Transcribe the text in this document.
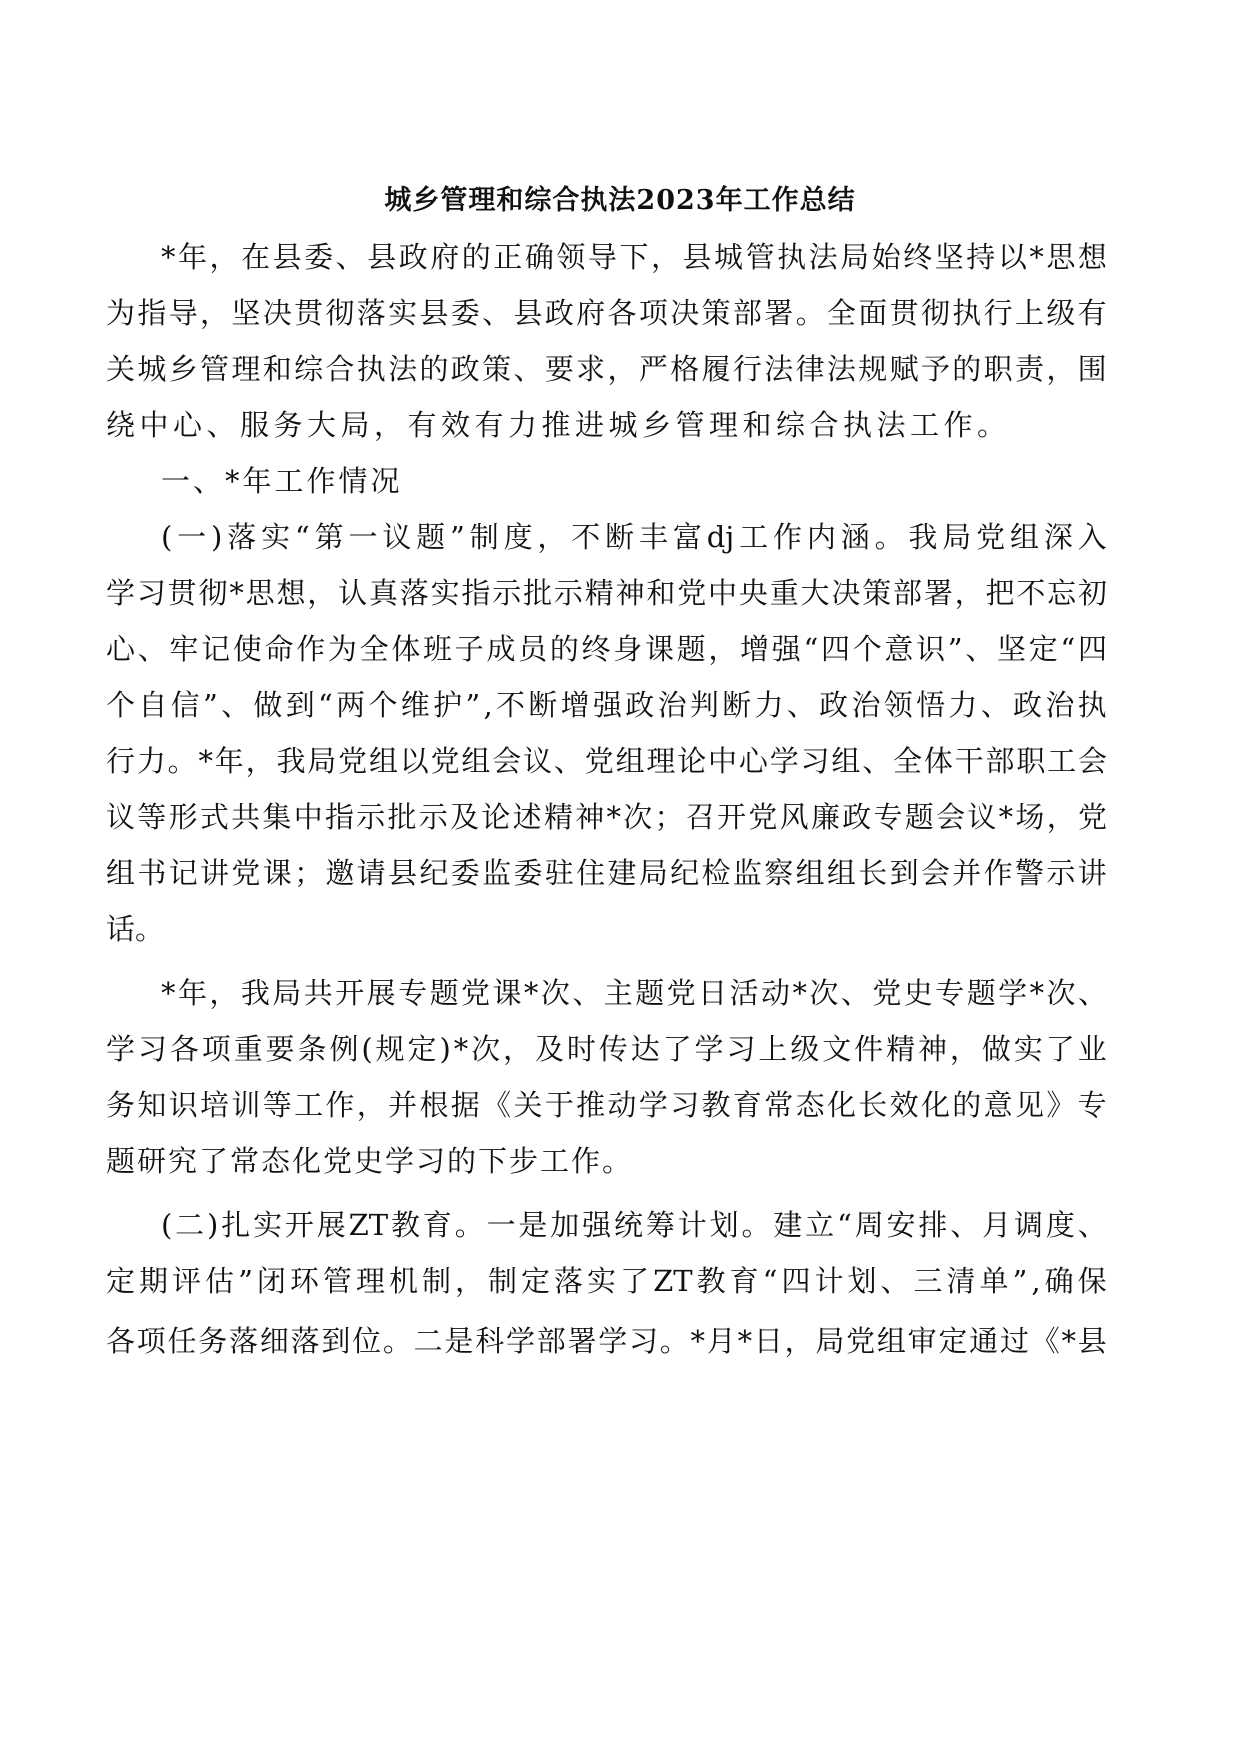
城乡管理和综合执法2023年工作总结
* 年 ， 在 县 委 、 县 政 府 的 正 确 领 导 下 ， 县 城 管 执 法 局 始 终 坚 持 以 * 思 想
为 指 导 ， 坚 决 贯 彻 落 实 县 委 、 县 政 府 各 项 决 策 部 署 。 全 面 贯 彻 执 行 上 级 有
关 城 乡 管 理 和 综 合 执 法 的 政 策 、 要 求 ， 严 格 履 行 法 律 法 规 赋 予 的 职 责 ， 围
绕中心、服务大局，有效有力推进城乡管理和综合执法工作。
一、*年工作情况
( 一 ) 落 实 “ 第 一 议 题 ” 制 度 ， 不 断 丰 富 dj 工 作 内 涵 。 我 局 党 组 深 入
学 习 贯 彻 * 思 想 ， 认 真 落 实 指 示 批 示 精 神 和 党 中 央 重 大 决 策 部 署 ， 把 不 忘 初
心 、 牢 记 使 命 作 为 全 体 班 子 成 员 的 终 身 课 题 ， 增 强 “ 四 个 意 识 ” 、 坚 定 “ 四
个 自 信 ” 、 做 到 “ 两 个 维 护 ” , 不 断 增 强 政 治 判 断 力 、 政 治 领 悟 力 、 政 治 执
行 力 。 * 年 ， 我 局 党 组 以 党 组 会 议 、 党 组 理 论 中 心 学 习 组 、 全 体 干 部 职 工 会
议 等 形 式 共 集 中 指 示 批 示 及 论 述 精 神 * 次 ； 召 开 党 风 廉 政 专 题 会 议 * 场 ， 党
组 书 记 讲 党 课 ； 邀 请 县 纪 委 监 委 驻 住 建 局 纪 检 监 察 组 组 长 到 会 并 作 警 示 讲
话。
* 年 ， 我 局 共 开 展 专 题 党 课 * 次 、 主 题 党 日 活 动 * 次 、 党 史 专 题 学 * 次 、
学 习 各 项 重 要 条 例 ( 规 定 ) * 次 ， 及 时 传 达 了 学 习 上 级 文 件 精 神 ， 做 实 了 业
务 知 识 培 训 等 工 作 ， 并 根 据 《 关 于 推 动 学 习 教 育 常 态 化 长 效 化 的 意 见 》 专
题研究了常态化党史学习的下步工作。
( 二 ) 扎 实 开 展 ZT 教 育 。 一 是 加 强 统 筹 计 划 。 建 立 “ 周 安 排 、 月 调 度 、
定 期 评 估 ” 闭 环 管 理 机 制 ， 制 定 落 实 了 ZT 教 育 “ 四 计 划 、 三 清 单 ” , 确 保
各 项 任 务 落 细 落 到 位 。 二 是 科 学 部 署 学 习 。 * 月 * 日 ， 局 党 组 审 定 通 过 《 * 县
